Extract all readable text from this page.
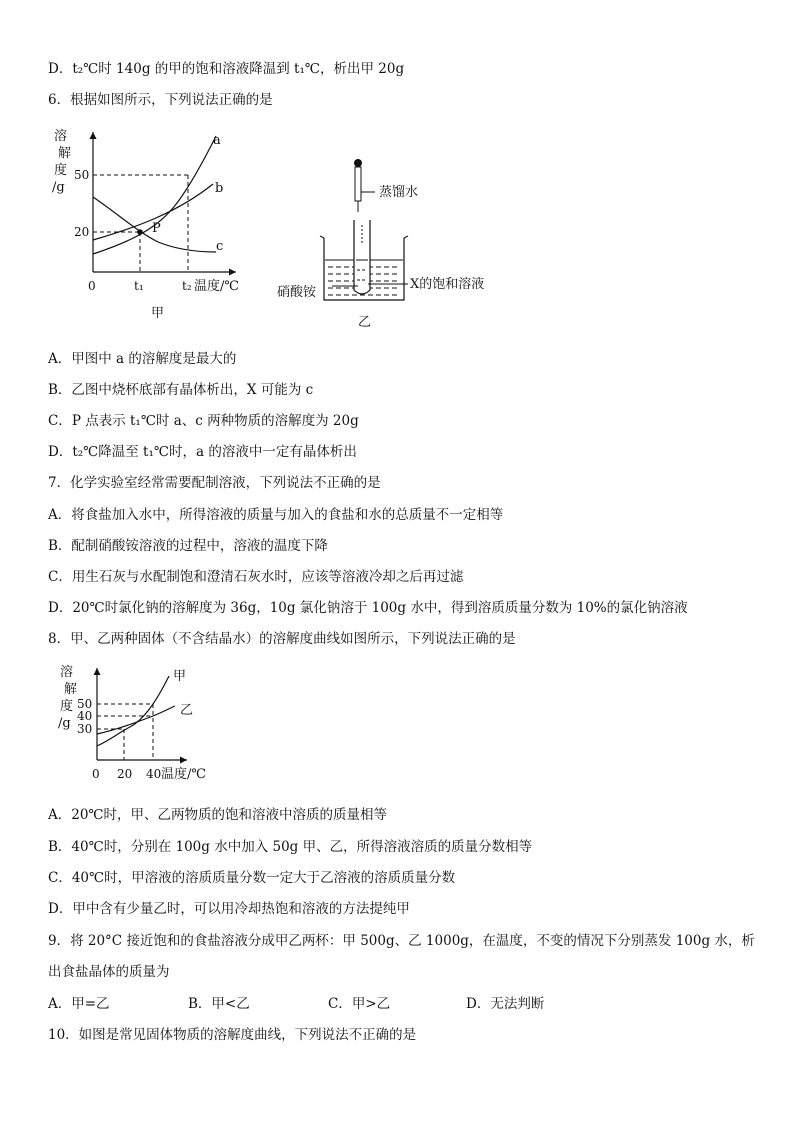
D．t₂℃时 140g 的甲的饱和溶液降温到 t₁℃，析出甲 20g
6．根据如图所示，下列说法正确的是
溶
解
度
/g
50
20	P
a
b
c
0	t₁	t₂ 温度/℃
甲
蒸馏水
硝酸铵
X的饱和溶液
乙
A．甲图中 a 的溶解度是最大的
B．乙图中烧杯底部有晶体析出，X 可能为 c
C．P 点表示 t₁℃时 a、c 两种物质的溶解度为 20g
D．t₂℃降温至 t₁℃时，a 的溶液中一定有晶体析出
7．化学实验室经常需要配制溶液，下列说法不正确的是
A．将食盐加入水中，所得溶液的质量与加入的食盐和水的总质量不一定相等
B．配制硝酸铵溶液的过程中，溶液的温度下降
C．用生石灰与水配制饱和澄清石灰水时，应该等溶液冷却之后再过滤
D．20℃时氯化钠的溶解度为 36g，10g 氯化钠溶于 100g 水中，得到溶质质量分数为 10%的氯化钠溶液
8．甲、乙两种固体（不含结晶水）的溶解度曲线如图所示，下列说法正确的是
溶
解
度
/g
50
40
30
甲
乙
0 20 40 温度/℃
A．20℃时，甲、乙两物质的饱和溶液中溶质的质量相等
B．40℃时，分别在 100g 水中加入 50g 甲、乙，所得溶液溶质的质量分数相等
C．40℃时，甲溶液的溶质质量分数一定大于乙溶液的溶质质量分数
D．甲中含有少量乙时，可以用冷却热饱和溶液的方法提纯甲
9．将 20°C 接近饱和的食盐溶液分成甲乙两杯：甲 500g、乙 1000g，在温度，不变的情况下分别蒸发 100g 水，析
出食盐晶体的质量为
A．甲=乙	B．甲<乙	C．甲>乙	D．无法判断
10．如图是常见固体物质的溶解度曲线，下列说法不正确的是
